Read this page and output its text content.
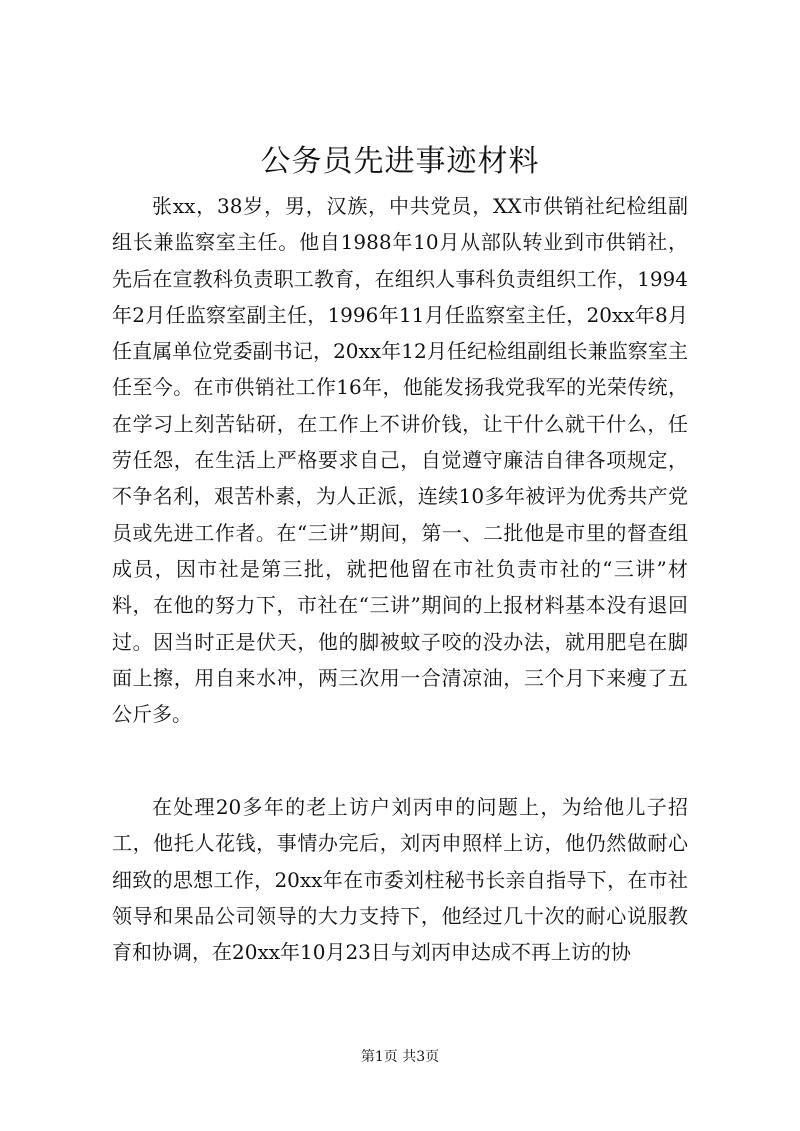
公务员先进事迹材料

张xx，38岁，男，汉族，中共党员，XX市供销社纪检组副组长兼监察室主任。他自1988年10月从部队转业到市供销社，先后在宣教科负责职工教育，在组织人事科负责组织工作，1994年2月任监察室副主任，1996年11月任监察室主任，20xx年8月任直属单位党委副书记，20xx年12月任纪检组副组长兼监察室主任至今。在市供销社工作16年，他能发扬我党我军的光荣传统，在学习上刻苦钻研，在工作上不讲价钱，让干什么就干什么，任劳任怨，在生活上严格要求自己，自觉遵守廉洁自律各项规定，不争名利，艰苦朴素，为人正派，连续10多年被评为优秀共产党员或先进工作者。在“三讲”期间，第一、二批他是市里的督查组成员，因市社是第三批，就把他留在市社负责市社的“三讲”材料，在他的努力下，市社在“三讲”期间的上报材料基本没有退回过。因当时正是伏天，他的脚被蚊子咬的没办法，就用肥皂在脚面上擦，用自来水冲，两三次用一合清凉油，三个月下来瘦了五公斤多。

在处理20多年的老上访户刘丙申的问题上，为给他儿子招工，他托人花钱，事情办完后，刘丙申照样上访，他仍然做耐心细致的思想工作，20xx年在市委刘柱秘书长亲自指导下，在市社领导和果品公司领导的大力支持下，他经过几十次的耐心说服教育和协调，在20xx年10月23日与刘丙申达成不再上访的协

第1页 共3页
